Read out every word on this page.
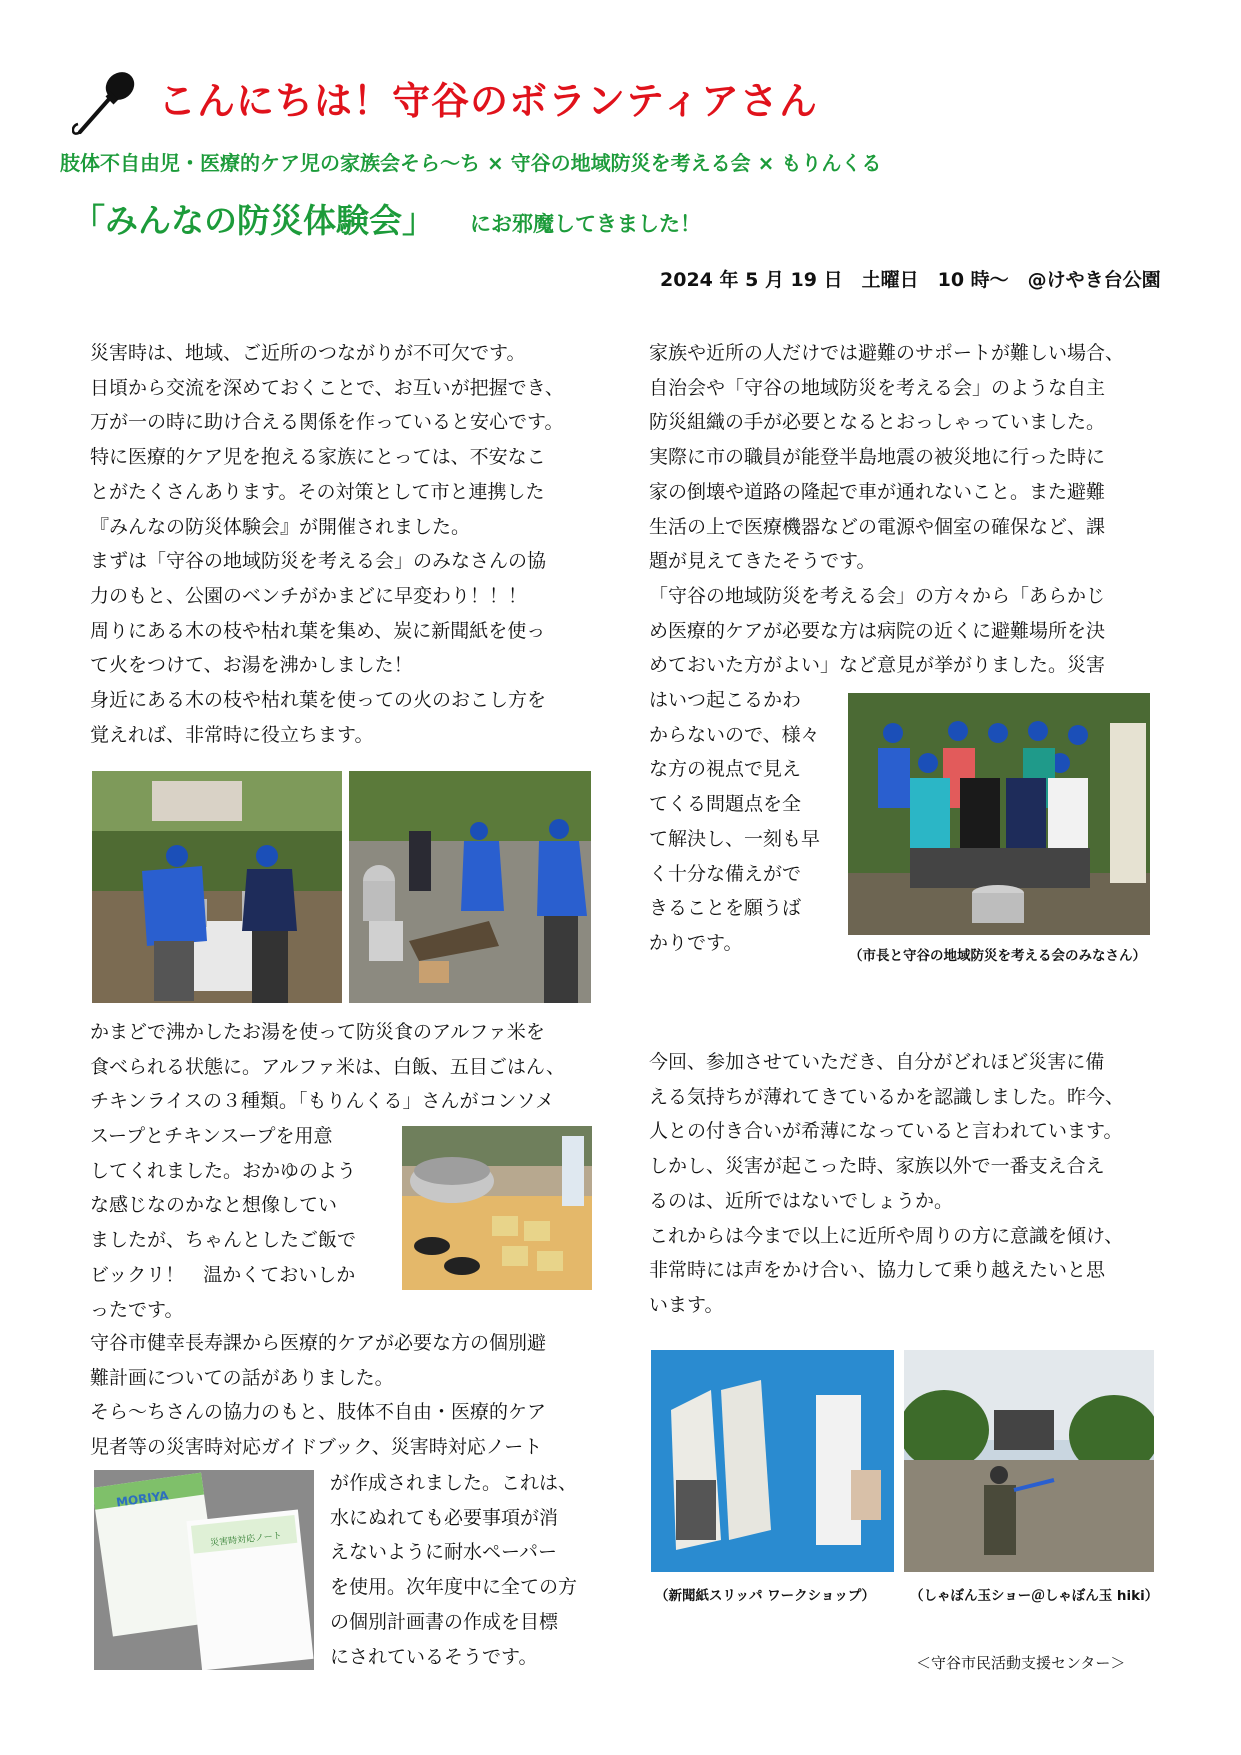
こんにちは！守谷のボランティアさん
肢体不自由児・医療的ケア児の家族会そら～ち × 守谷の地域防災を考える会 × もりんくる
「みんなの防災体験会」 にお邪魔してきました！
2024 年 5 月 19 日　土曜日　10 時～　@けやき台公園
災害時は、地域、ご近所のつながりが不可欠です。
日頃から交流を深めておくことで、お互いが把握でき、
万が一の時に助け合える関係を作っていると安心です。
特に医療的ケア児を抱える家族にとっては、不安なこ
とがたくさんあります。その対策として市と連携した
『みんなの防災体験会』が開催されました。
まずは「守谷の地域防災を考える会」のみなさんの協
力のもと、公園のベンチがかまどに早変わり！！！
周りにある木の枝や枯れ葉を集め、炭に新聞紙を使っ
て火をつけて、お湯を沸かしました！
身近にある木の枝や枯れ葉を使っての火のおこし方を
覚えれば、非常時に役立ちます。
かまどで沸かしたお湯を使って防災食のアルファ米を
食べられる状態に。アルファ米は、白飯、五目ごはん、
チキンライスの３種類。「もりんくる」さんがコンソメ
スープとチキンスープを用意
してくれました。おかゆのよう
な感じなのかなと想像してい
ましたが、ちゃんとしたご飯で
ビックリ！　温かくておいしか
ったです。
守谷市健幸長寿課から医療的ケアが必要な方の個別避
難計画についての話がありました。
そら～ちさんの協力のもと、肢体不自由・医療的ケア
児者等の災害時対応ガイドブック、災害時対応ノート
が作成されました。これは、
水にぬれても必要事項が消
えないように耐水ペーパー
を使用。次年度中に全ての方
の個別計画書の作成を目標
にされているそうです。
MORIYA
災害時対応ノート
家族や近所の人だけでは避難のサポートが難しい場合、
自治会や「守谷の地域防災を考える会」のような自主
防災組織の手が必要となるとおっしゃっていました。
実際に市の職員が能登半島地震の被災地に行った時に
家の倒壊や道路の隆起で車が通れないこと。また避難
生活の上で医療機器などの電源や個室の確保など、課
題が見えてきたそうです。
「守谷の地域防災を考える会」の方々から「あらかじ
め医療的ケアが必要な方は病院の近くに避難場所を決
めておいた方がよい」など意見が挙がりました。災害
はいつ起こるかわ
からないので、様々
な方の視点で見え
てくる問題点を全
て解決し、一刻も早
く十分な備えがで
きることを願うば
かりです。
（市長と守谷の地域防災を考える会のみなさん）
今回、参加させていただき、自分がどれほど災害に備
える気持ちが薄れてきているかを認識しました。昨今、
人との付き合いが希薄になっていると言われています。
しかし、災害が起こった時、家族以外で一番支え合え
るのは、近所ではないでしょうか。
これからは今まで以上に近所や周りの方に意識を傾け、
非常時には声をかけ合い、協力して乗り越えたいと思
います。
（新聞紙スリッパ ワークショップ）	（しゃぼん玉ショー＠しゃぼん玉 hiki）
＜守谷市民活動支援センター＞
